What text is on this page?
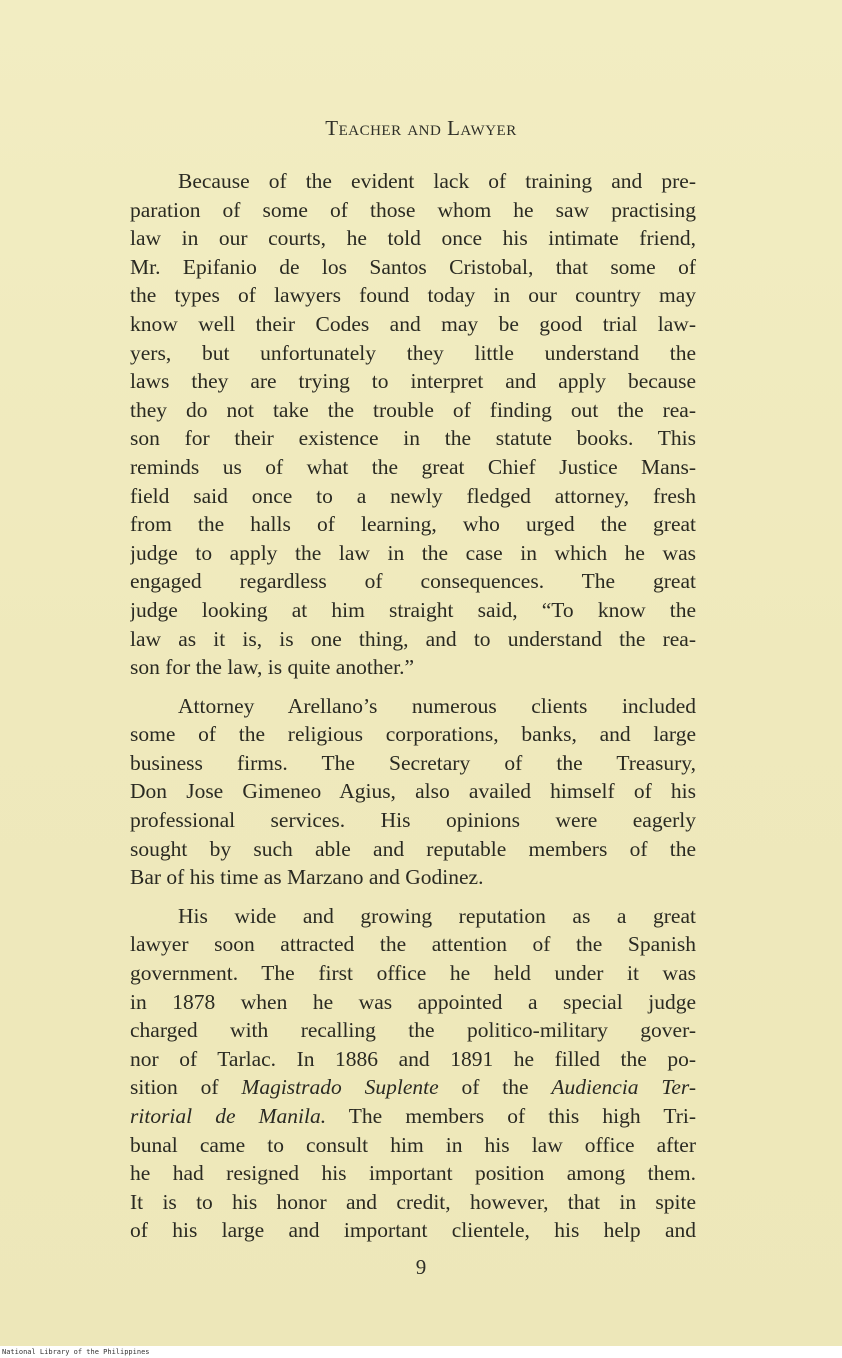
Teacher and Lawyer
Because of the evident lack of training and pre-
paration of some of those whom he saw practising
law in our courts, he told once his intimate friend,
Mr. Epifanio de los Santos Cristobal, that some of
the types of lawyers found today in our country may
know well their Codes and may be good trial law-
yers, but unfortunately they little understand the
laws they are trying to interpret and apply because
they do not take the trouble of finding out the rea-
son for their existence in the statute books. This
reminds us of what the great Chief Justice Mans-
field said once to a newly fledged attorney, fresh
from the halls of learning, who urged the great
judge to apply the law in the case in which he was
engaged regardless of consequences. The great
judge looking at him straight said, “To know the
law as it is, is one thing, and to understand the rea-
son for the law, is quite another.”
Attorney Arellano’s numerous clients included
some of the religious corporations, banks, and large
business firms. The Secretary of the Treasury,
Don Jose Gimeneo Agius, also availed himself of his
professional services. His opinions were eagerly
sought by such able and reputable members of the
Bar of his time as Marzano and Godinez.
His wide and growing reputation as a great
lawyer soon attracted the attention of the Spanish
government. The first office he held under it was
in 1878 when he was appointed a special judge
charged with recalling the politico-military gover-
nor of Tarlac. In 1886 and 1891 he filled the po-
sition of Magistrado Suplente of the Audiencia Ter-
ritorial de Manila. The members of this high Tri-
bunal came to consult him in his law office after
he had resigned his important position among them.
It is to his honor and credit, however, that in spite
of his large and important clientele, his help and
9
National Library of the Philippines
